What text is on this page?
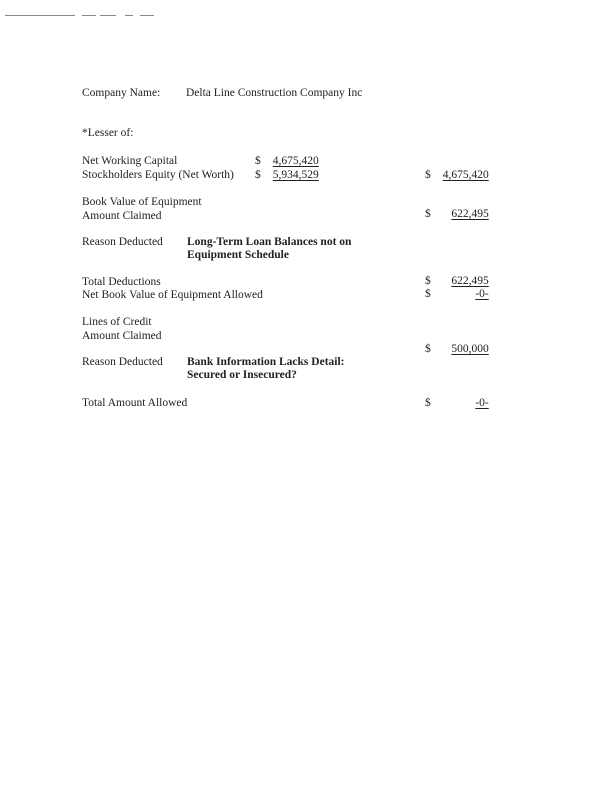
Company Name: Delta Line Construction Company Inc
*Lesser of:
Net Working Capital	$	4,675,420
Stockholders Equity (Net Worth) $	5,934,529	$	4,675,420
Book Value of Equipment
Amount Claimed	$	622,495
Reason Deducted Long-Term Loan Balances not on
Equipment Schedule
Total Deductions	$	622,495
Net Book Value of Equipment Allowed	$	-0-
Lines of Credit
Amount Claimed
$	500,000
Reason Deducted Bank Information Lacks Detail:
Secured or Insecured?
Total Amount Allowed	$	-0-
